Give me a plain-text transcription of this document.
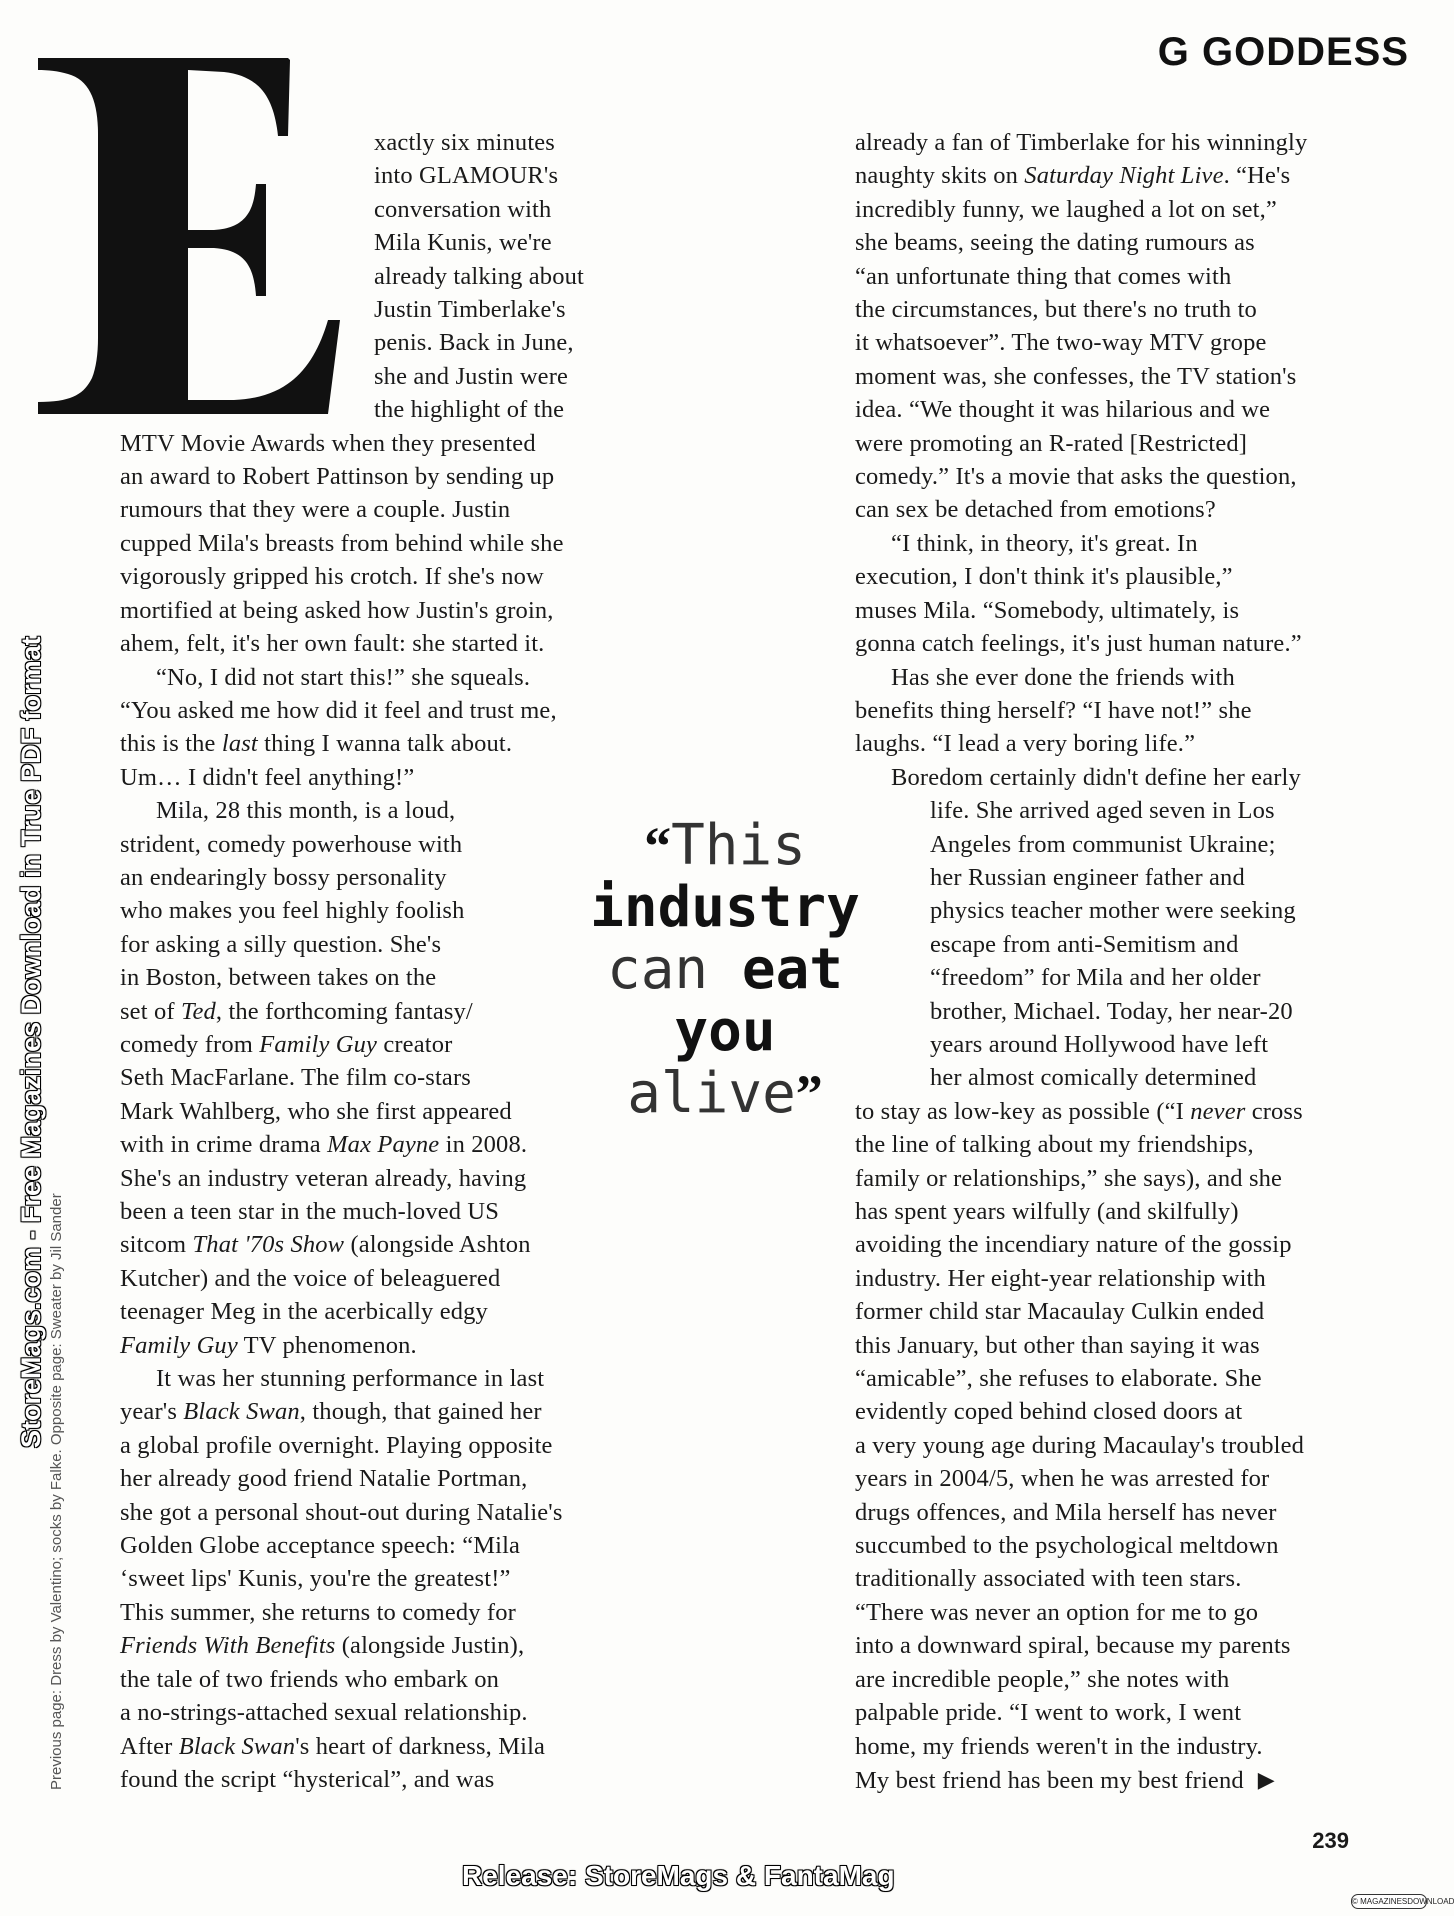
G GODDESS

xactly six minutes
into GLAMOUR's
conversation with
Mila Kunis, we're
already talking about
Justin Timberlake's
penis. Back in June,
she and Justin were
the highlight of the

MTV Movie Awards when they presented
an award to Robert Pattinson by sending up
rumours that they were a couple. Justin
cupped Mila's breasts from behind while she
vigorously gripped his crotch. If she's now
mortified at being asked how Justin's groin,
ahem, felt, it's her own fault: she started it.

“No, I did not start this!” she squeals.
“You asked me how did it feel and trust me,
this is the last thing I wanna talk about.
Um… I didn't feel anything!”

Mila, 28 this month, is a loud,
strident, comedy powerhouse with
an endearingly bossy personality
who makes you feel highly foolish
for asking a silly question. She's
in Boston, between takes on the
set of Ted, the forthcoming fantasy/
comedy from Family Guy creator
Seth MacFarlane. The film co-stars
Mark Wahlberg, who she first appeared
with in crime drama Max Payne in 2008.
She's an industry veteran already, having
been a teen star in the much-loved US
sitcom That '70s Show (alongside Ashton
Kutcher) and the voice of beleaguered
teenager Meg in the acerbically edgy
Family Guy TV phenomenon.

It was her stunning performance in last
year's Black Swan, though, that gained her
a global profile overnight. Playing opposite
her already good friend Natalie Portman,
she got a personal shout-out during Natalie's
Golden Globe acceptance speech: “Mila
‘sweet lips' Kunis, you're the greatest!”
This summer, she returns to comedy for
Friends With Benefits (alongside Justin),
the tale of two friends who embark on
a no-strings-attached sexual relationship.
After Black Swan's heart of darkness, Mila
found the script “hysterical”, and was

already a fan of Timberlake for his winningly
naughty skits on Saturday Night Live. “He's
incredibly funny, we laughed a lot on set,”
she beams, seeing the dating rumours as
“an unfortunate thing that comes with
the circumstances, but there's no truth to
it whatsoever”. The two-way MTV grope
moment was, she confesses, the TV station's
idea. “We thought it was hilarious and we
were promoting an R-rated [Restricted]
comedy.” It's a movie that asks the question,
can sex be detached from emotions?

“I think, in theory, it's great. In
execution, I don't think it's plausible,”
muses Mila. “Somebody, ultimately, is
gonna catch feelings, it's just human nature.”

Has she ever done the friends with
benefits thing herself? “I have not!” she
laughs. “I lead a very boring life.”

Boredom certainly didn't define her early

life. She arrived aged seven in Los
Angeles from communist Ukraine;
her Russian engineer father and
physics teacher mother were seeking
escape from anti-Semitism and
“freedom” for Mila and her older
brother, Michael. Today, her near-20
years around Hollywood have left
her almost comically determined

to stay as low-key as possible (“I never cross
the line of talking about my friendships,
family or relationships,” she says), and she
has spent years wilfully (and skilfully)
avoiding the incendiary nature of the gossip
industry. Her eight-year relationship with
former child star Macaulay Culkin ended
this January, but other than saying it was
“amicable”, she refuses to elaborate. She
evidently coped behind closed doors at
a very young age during Macaulay's troubled
years in 2004/5, when he was arrested for
drugs offences, and Mila herself has never
succumbed to the psychological meltdown
traditionally associated with teen stars.
“There was never an option for me to go
into a downward spiral, because my parents
are incredible people,” she notes with
palpable pride. “I went to work, I went
home, my friends weren't in the industry.
My best friend has been my best friend ▶

“This
industry
can eat
you alive”
Previous page: Dress by Valentino; socks by Falke. Opposite page: Sweater by Jil Sander
StoreMags.com - Free Magazines Download in True PDF format
239
Release: StoreMags & FantaMag
© MAGAZINESDOWNLOAD
